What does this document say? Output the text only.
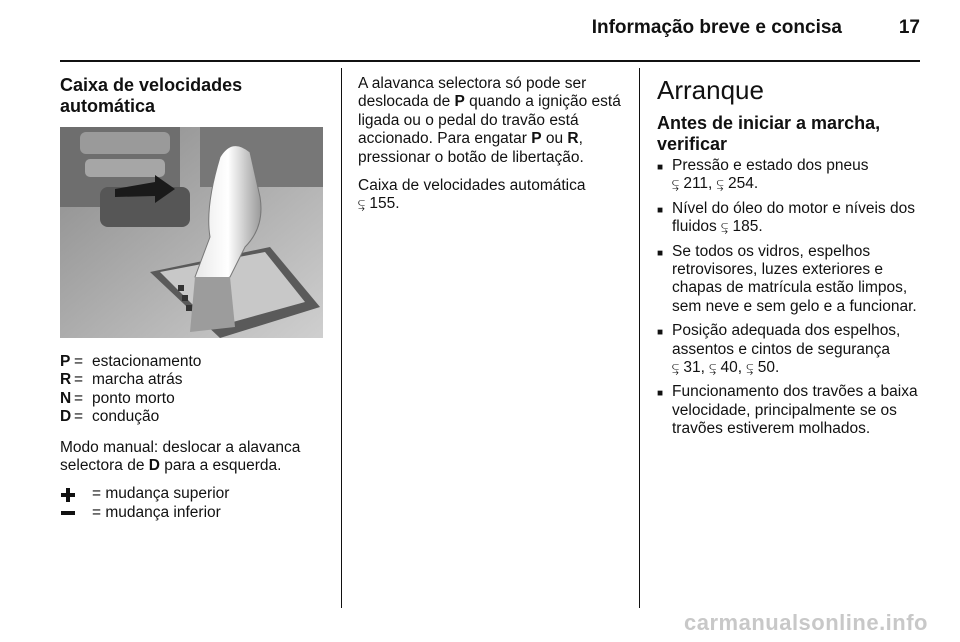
Informação breve e concisa	17
Caixa de velocidades
automática
P = estacionamento
R = marcha atrás
N = ponto morto
D = condução
Modo manual: deslocar a alavanca selectora de D para a esquerda.
= mudança superior
= mudança inferior
A alavanca selectora só pode ser deslocada de P quando a ignição está ligada ou o pedal do travão está accionado. Para engatar P ou R, pressionar o botão de libertação.
Caixa de velocidades automática
⥹ 155.
Arranque
Antes de iniciar a marcha, verificar
■ Pressão e estado dos pneus
⥹ 211, ⥹ 254.
■ Nível do óleo do motor e níveis dos fluidos ⥹ 185.
■ Se todos os vidros, espelhos retrovisores, luzes exteriores e chapas de matrícula estão limpos, sem neve e sem gelo e a funcionar.
■ Posição adequada dos espelhos, assentos e cintos de segurança
⥹ 31, ⥹ 40, ⥹ 50.
■ Funcionamento dos travões a baixa velocidade, principalmente se os travões estiverem molhados.
carmanualsonline.info
